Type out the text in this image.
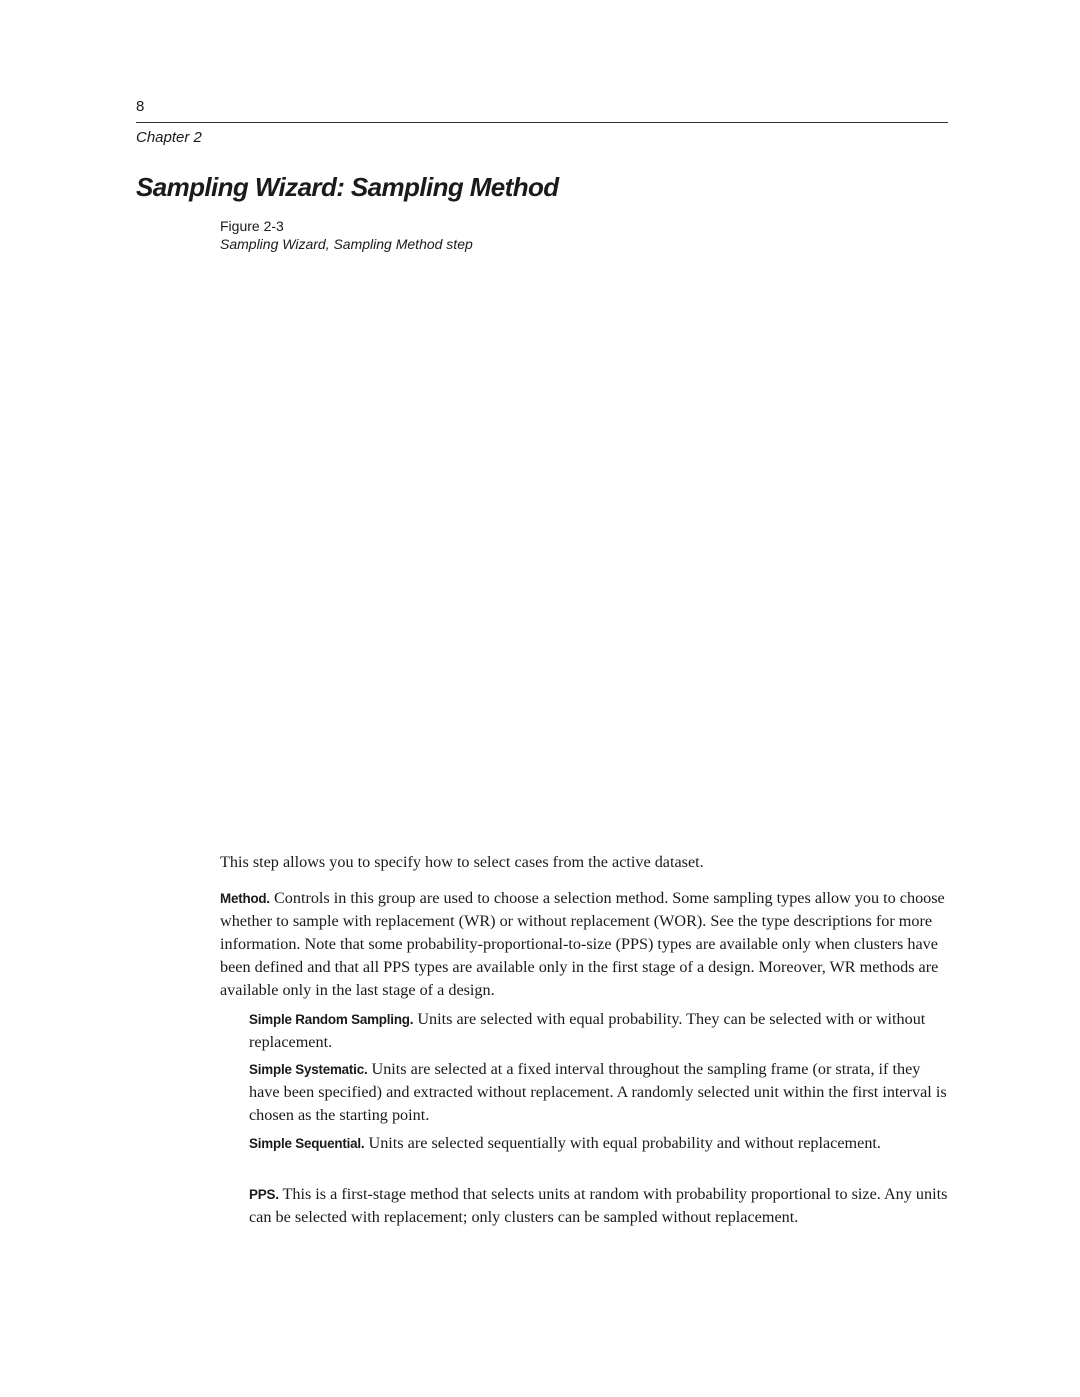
8
Chapter 2
Sampling Wizard: Sampling Method
Figure 2-3
Sampling Wizard, Sampling Method step

This step allows you to specify how to select cases from the active dataset.

Method. Controls in this group are used to choose a selection method. Some sampling types allow you to choose whether to sample with replacement (WR) or without replacement (WOR). See the type descriptions for more information. Note that some probability-proportional-to-size (PPS) types are available only when clusters have been defined and that all PPS types are available only in the first stage of a design. Moreover, WR methods are available only in the last stage of a design.

Simple Random Sampling. Units are selected with equal probability. They can be selected with or without replacement.

Simple Systematic. Units are selected at a fixed interval throughout the sampling frame (or strata, if they have been specified) and extracted without replacement. A randomly selected unit within the first interval is chosen as the starting point.

Simple Sequential. Units are selected sequentially with equal probability and without replacement.

PPS. This is a first-stage method that selects units at random with probability proportional to size. Any units can be selected with replacement; only clusters can be sampled without replacement.
